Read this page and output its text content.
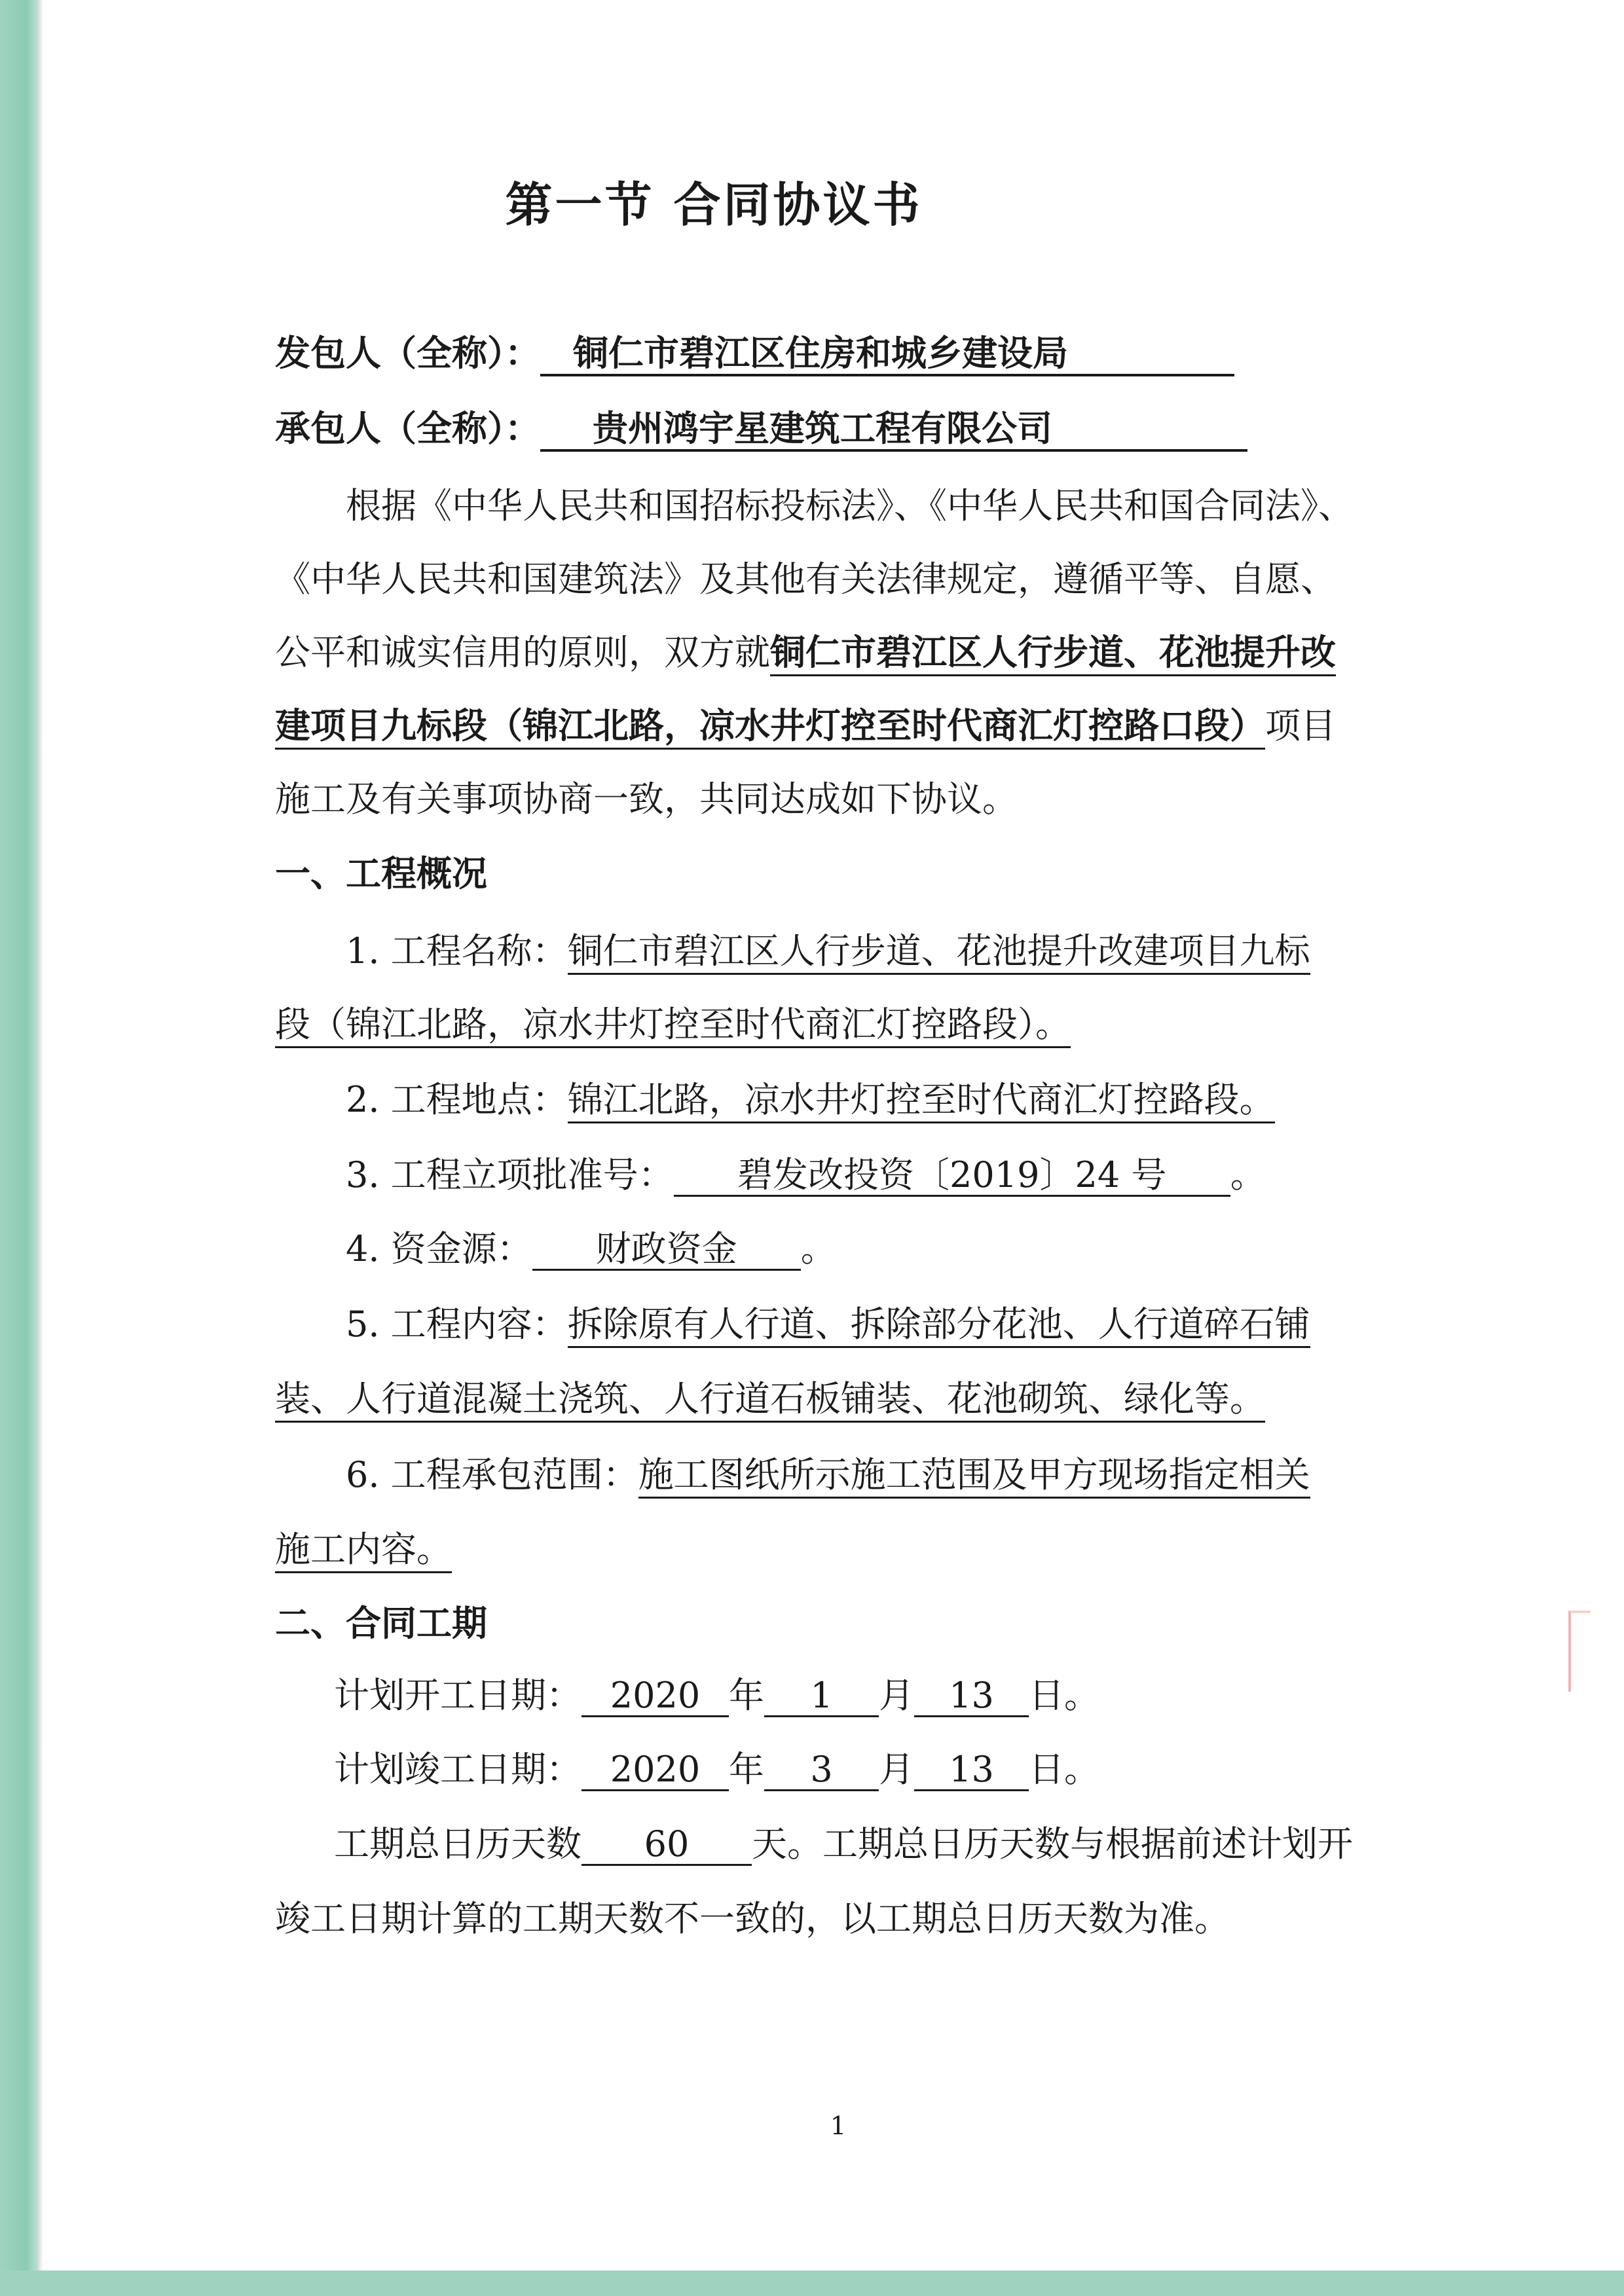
第一节 合同协议书
发包人（全称）： 铜仁市碧江区住房和城乡建设局
承包人（全称）： 贵州鸿宇星建筑工程有限公司
根据《中华人民共和国招标投标法》、《中华人民共和国合同法》、
《中华人民共和国建筑法》及其他有关法律规定，遵循平等、自愿、
公平和诚实信用的原则，双方就铜仁市碧江区人行步道、花池提升改
建项目九标段（锦江北路，凉水井灯控至时代商汇灯控路口段）项目
施工及有关事项协商一致，共同达成如下协议。
一、工程概况
1. 工程名称：铜仁市碧江区人行步道、花池提升改建项目九标
段（锦江北路，凉水井灯控至时代商汇灯控路段）。
2. 工程地点：锦江北路，凉水井灯控至时代商汇灯控路段。
3. 工程立项批准号： 碧发改投资〔2019〕24 号 。
4. 资金源： 财政资金 。
5. 工程内容：拆除原有人行道、拆除部分花池、人行道碎石铺
装、人行道混凝土浇筑、人行道石板铺装、花池砌筑、绿化等。
6. 工程承包范围：施工图纸所示施工范围及甲方现场指定相关
施工内容。
二、合同工期
计划开工日期： 2020 年 1 月 13 日。
计划竣工日期： 2020 年 3 月 13 日。
工期总日历天数 60 天。工期总日历天数与根据前述计划开
竣工日期计算的工期天数不一致的，以工期总日历天数为准。
1
